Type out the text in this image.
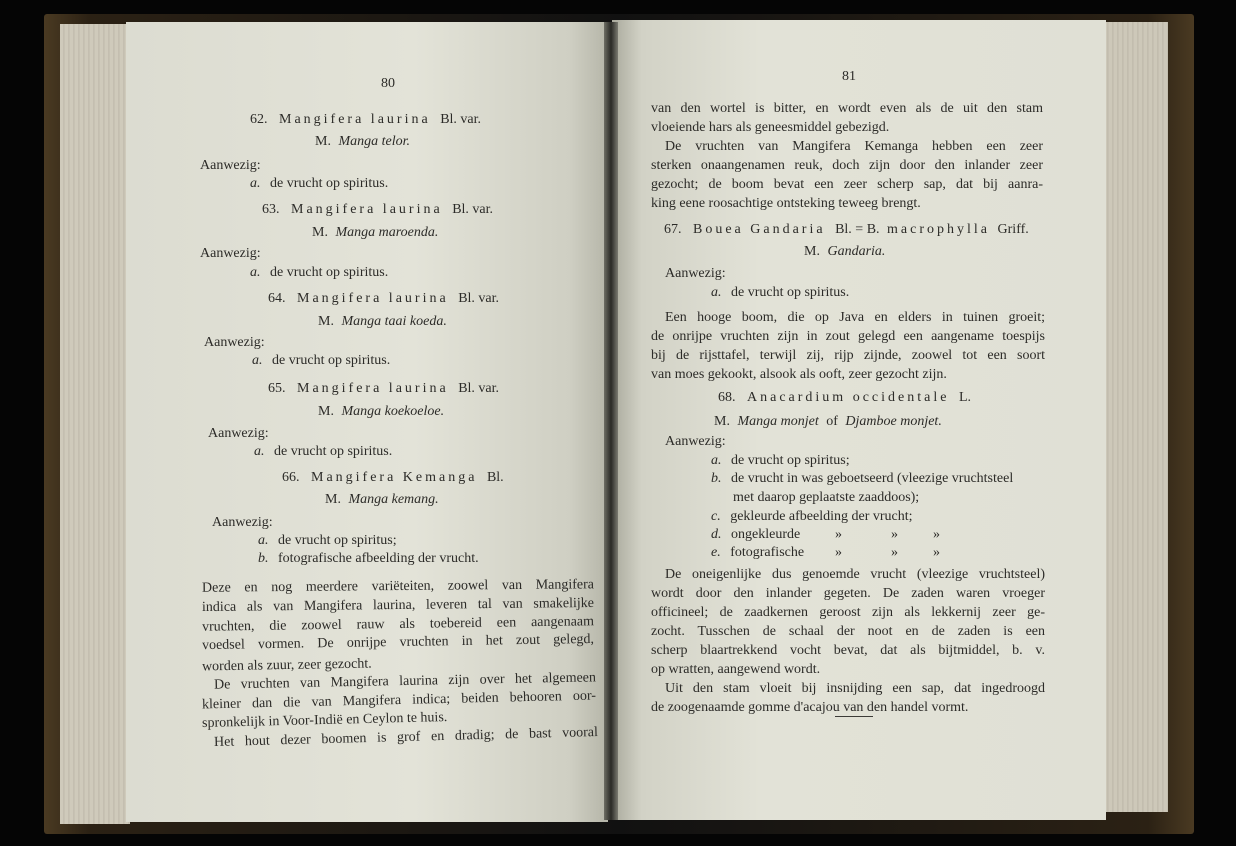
80
62. Mangifera laurina Bl. var.
M. Manga telor.
Aanwezig:
a. de vrucht op spiritus.
63. Mangifera laurina Bl. var.
M. Manga maroenda.
Aanwezig:
a. de vrucht op spiritus.
64. Mangifera laurina Bl. var.
M. Manga taai koeda.
Aanwezig:
a. de vrucht op spiritus.
65. Mangifera laurina Bl. var.
M. Manga koekoeloe.
Aanwezig:
a. de vrucht op spiritus.
66. Mangifera Kemanga Bl.
M. Manga kemang.
Aanwezig:
a. de vrucht op spiritus;
b. fotografische afbeelding der vrucht.
Deze en nog meerdere variëteiten, zoowel van Mangifera
indica als van Mangifera laurina, leveren tal van smakelijke
vruchten, die zoowel rauw als toebereid een aangenaam
voedsel vormen. De onrijpe vruchten in het zout gelegd,
worden als zuur, zeer gezocht.
De vruchten van Mangifera laurina zijn over het algemeen
kleiner dan die van Mangifera indica; beiden behooren oor-
spronkelijk in Voor-Indië en Ceylon te huis.
Het hout dezer boomen is grof en dradig; de bast vooral
81
van den wortel is bitter, en wordt even als de uit den stam
vloeiende hars als geneesmiddel gebezigd.
De vruchten van Mangifera Kemanga hebben een zeer
sterken onaangenamen reuk, doch zijn door den inlander zeer
gezocht; de boom bevat een zeer scherp sap, dat bij aanra-
king eene roosachtige ontsteking teweeg brengt.
67. Bouea Gandaria Bl. = B. macrophylla Griff.
M. Gandaria.
Aanwezig:
a. de vrucht op spiritus.
Een hooge boom, die op Java en elders in tuinen groeit;
de onrijpe vruchten zijn in zout gelegd een aangename toespijs
bij de rijsttafel, terwijl zij, rijp zijnde, zoowel tot een soort
van moes gekookt, alsook als ooft, zeer gezocht zijn.
68. Anacardium occidentale L.
M. Manga monjet of Djamboe monjet.
Aanwezig:
a. de vrucht op spiritus;
b. de vrucht in was geboetseerd (vleezige vruchtsteel
met daarop geplaatste zaaddoos);
c. gekleurde afbeelding der vrucht;
d. ongekleurde »	»	»
e. fotografische »	»	»
De oneigenlijke dus genoemde vrucht (vleezige vruchtsteel)
wordt door den inlander gegeten. De zaden waren vroeger
officineel; de zaadkernen geroost zijn als lekkernij zeer ge-
zocht. Tusschen de schaal der noot en de zaden is een
scherp blaartrekkend vocht bevat, dat als bijtmiddel, b. v.
op wratten, aangewend wordt.
Uit den stam vloeit bij insnijding een sap, dat ingedroogd
de zoogenaamde gomme d'acajou van den handel vormt.
